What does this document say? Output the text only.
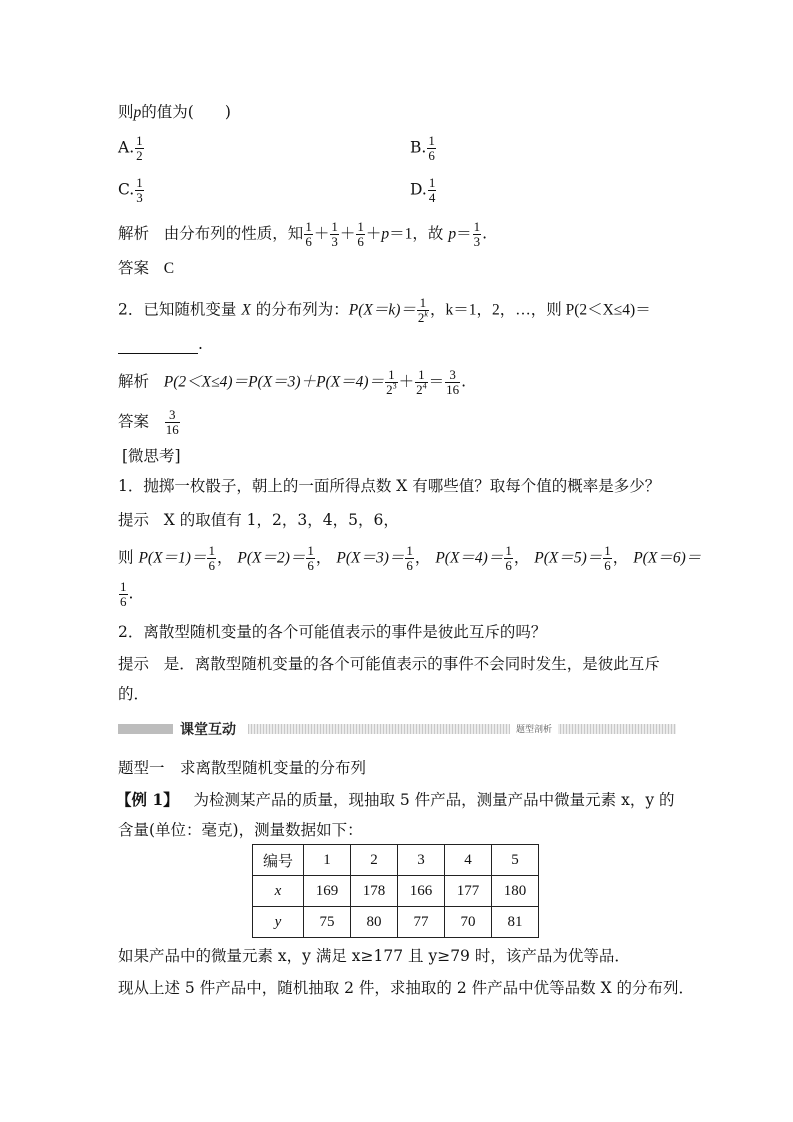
则p的值为(　　)
A. $\frac{1}{2}$	B. $\frac{1}{6}$
C. $\frac{1}{3}$	D. $\frac{1}{4}$
解析 由分布列的性质，知 $\frac{1}{6} + \frac{1}{3} + \frac{1}{6} +p=1$，故 $p= \frac{1}{3}$ .
答案 C
2．已知随机变量 X 的分布列为：$P(X=k)= \frac{1}{2^k}$ ，k＝1，2，…，则 P(2＜X≤4)＝
.
解析 $P(2<X\le 4)=P(X=3)+P(X=4)= \frac{1}{2^3} + \frac{1}{2^4} = \frac{3}{16}$ .
答案 $\frac{3}{16}$
[微思考]
1．抛掷一枚骰子，朝上的一面所得点数 X 有哪些值？取每个值的概率是多少？
提示 X 的取值有 1，2，3，4，5，6，
则 $P(X=1)= \frac{1}{6}$ ， $P(X=2)= \frac{1}{6}$ ， $P(X=3)= \frac{1}{6}$ ， $P(X=4)= \frac{1}{6}$ ， $P(X=5)= \frac{1}{6}$ ， P(X＝6)＝
$\frac{1}{6}$ .
2．离散型随机变量的各个可能值表示的事件是彼此互斥的吗？
提示 是．离散型随机变量的各个可能值表示的事件不会同时发生，是彼此互斥
的．
课堂互动	题型剖析
题型一　求离散型随机变量的分布列
【例 1】 为检测某产品的质量，现抽取 5 件产品，测量产品中微量元素 x，y 的
含量(单位：毫克)，测量数据如下：
编号	1	2	3	4	5
x	169	178	166	177	180
y	75	80	77	70	81
如果产品中的微量元素 x，y 满足 x≥177 且 y≥79 时，该产品为优等品．
现从上述 5 件产品中，随机抽取 2 件，求抽取的 2 件产品中优等品数 X 的分布列．
